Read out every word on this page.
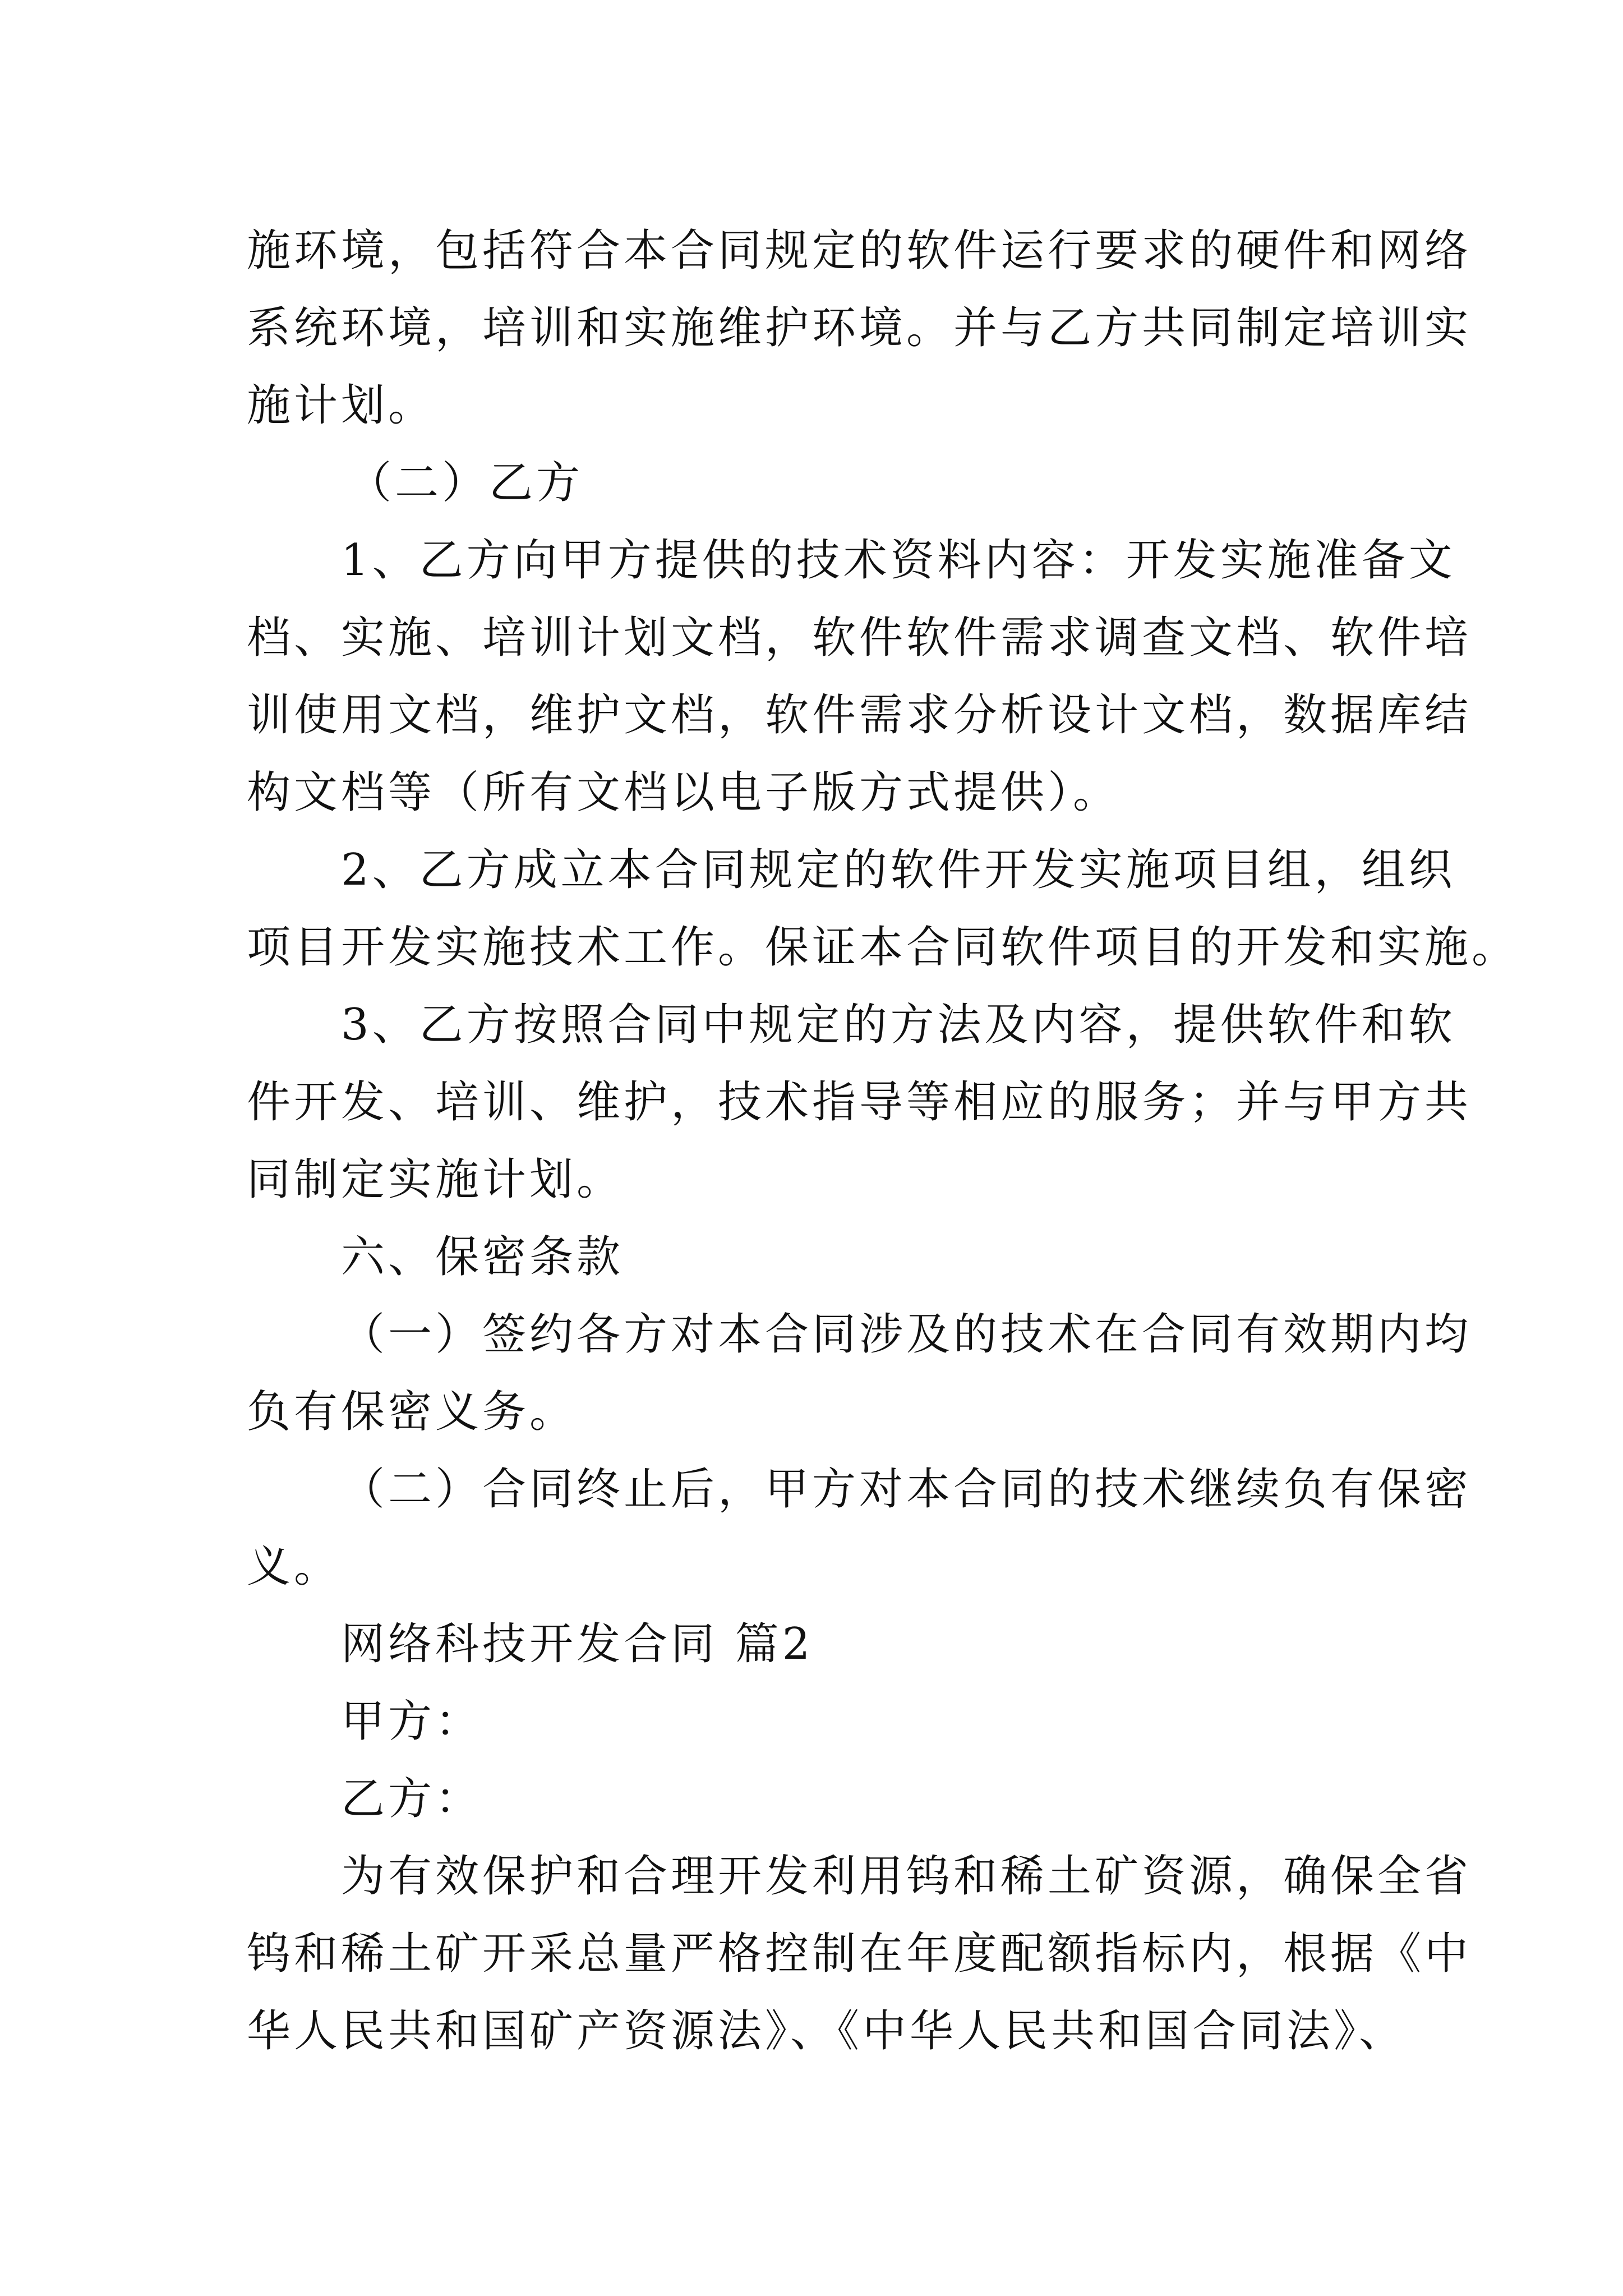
施环境，包括符合本合同规定的软件运行要求的硬件和网络

系统环境，培训和实施维护环境。并与乙方共同制定培训实

施计划。

（二）乙方

1、乙方向甲方提供的技术资料内容：开发实施准备文

档、实施、培训计划文档，软件软件需求调查文档、软件培

训使用文档，维护文档，软件需求分析设计文档，数据库结

构文档等（所有文档以电子版方式提供）。

2、乙方成立本合同规定的软件开发实施项目组，组织

项目开发实施技术工作。保证本合同软件项目的开发和实施。

3、乙方按照合同中规定的方法及内容，提供软件和软

件开发、培训、维护，技术指导等相应的服务；并与甲方共

同制定实施计划。

六、保密条款

（一）签约各方对本合同涉及的技术在合同有效期内均

负有保密义务。

（二）合同终止后，甲方对本合同的技术继续负有保密

义。

网络科技开发合同 篇2

甲方：

乙方：

为有效保护和合理开发利用钨和稀土矿资源，确保全省

钨和稀土矿开采总量严格控制在年度配额指标内，根据《中

华人民共和国矿产资源法》、《中华人民共和国合同法》、
